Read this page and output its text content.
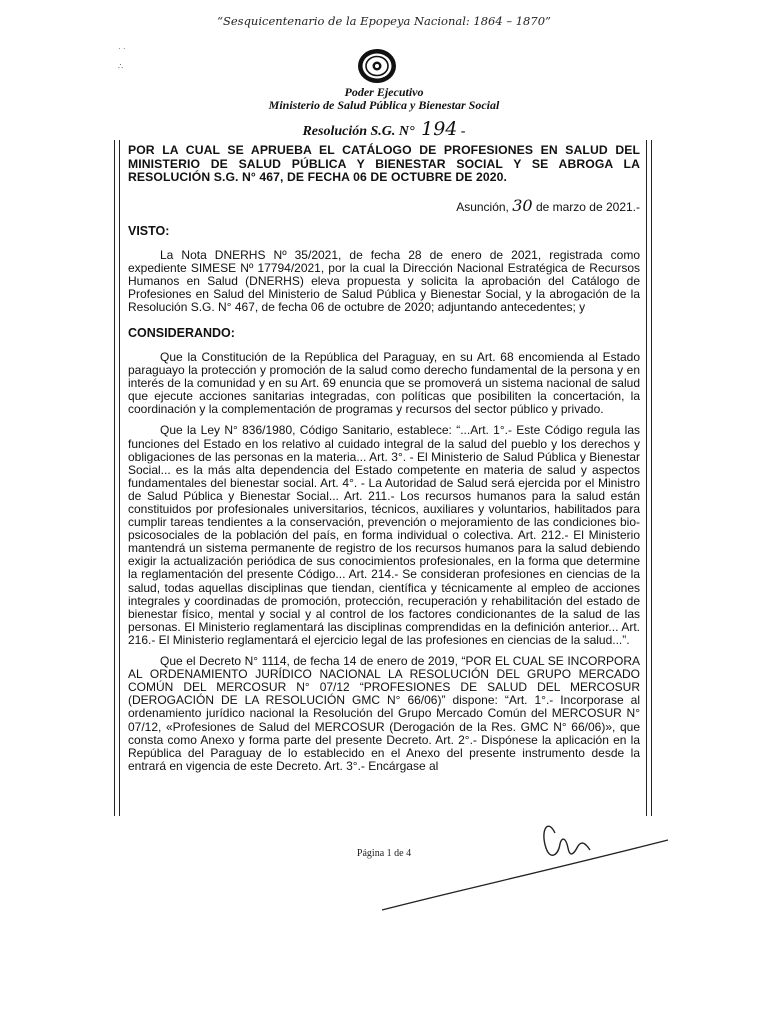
“Sesquicentenario de la Epopeya Nacional: 1864 – 1870”
· ·

∴
Poder Ejecutivo
Ministerio de Salud Pública y Bienestar Social
Resolución S.G. N° 194 -
POR LA CUAL SE APRUEBA EL CATÁLOGO DE PROFESIONES EN SALUD DEL MINISTERIO DE SALUD PÚBLICA Y BIENESTAR SOCIAL Y SE ABROGA LA RESOLUCIÓN S.G. N° 467, DE FECHA 06 DE OCTUBRE DE 2020.
Asunción, 30 de marzo de 2021.-
VISTO:

La Nota DNERHS Nº 35/2021, de fecha 28 de enero de 2021, registrada como expediente SIMESE Nº 17794/2021, por la cual la Dirección Nacional Estratégica de Recursos Humanos en Salud (DNERHS) eleva propuesta y solicita la aprobación del Catálogo de Profesiones en Salud del Ministerio de Salud Pública y Bienestar Social, y la abrogación de la Resolución S.G. N° 467, de fecha 06 de octubre de 2020; adjuntando antecedentes; y

CONSIDERANDO:

Que la Constitución de la República del Paraguay, en su Art. 68 encomienda al Estado paraguayo la protección y promoción de la salud como derecho fundamental de la persona y en interés de la comunidad y en su Art. 69 enuncia que se promoverá un sistema nacional de salud que ejecute acciones sanitarias integradas, con políticas que posibiliten la concertación, la coordinación y la complementación de programas y recursos del sector público y privado.

Que la Ley N° 836/1980, Código Sanitario, establece: “...Art. 1°.- Este Código regula las funciones del Estado en los relativo al cuidado integral de la salud del pueblo y los derechos y obligaciones de las personas en la materia... Art. 3°. - El Ministerio de Salud Pública y Bienestar Social... es la más alta dependencia del Estado competente en materia de salud y aspectos fundamentales del bienestar social. Art. 4°. - La Autoridad de Salud será ejercida por el Ministro de Salud Pública y Bienestar Social... Art. 211.- Los recursos humanos para la salud están constituidos por profesionales universitarios, técnicos, auxiliares y voluntarios, habilitados para cumplir tareas tendientes a la conservación, prevención o mejoramiento de las condiciones bio-psicosociales de la población del país, en forma individual o colectiva. Art. 212.- El Ministerio mantendrá un sistema permanente de registro de los recursos humanos para la salud debiendo exigir la actualización periódica de sus conocimientos profesionales, en la forma que determine la reglamentación del presente Código... Art. 214.- Se consideran profesiones en ciencias de la salud, todas aquellas disciplinas que tiendan, científica y técnicamente al empleo de acciones integrales y coordinadas de promoción, protección, recuperación y rehabilitación del estado de bienestar físico, mental y social y al control de los factores condicionantes de la salud de las personas. El Ministerio reglamentará las disciplinas comprendidas en la definición anterior... Art. 216.- El Ministerio reglamentará el ejercicio legal de las profesiones en ciencias de la salud...”.

Que el Decreto N° 1114, de fecha 14 de enero de 2019, “POR EL CUAL SE INCORPORA AL ORDENAMIENTO JURÍDICO NACIONAL LA RESOLUCIÓN DEL GRUPO MERCADO COMÚN DEL MERCOSUR N° 07/12 “PROFESIONES DE SALUD DEL MERCOSUR (DEROGACIÓN DE LA RESOLUCIÓN GMC N° 66/06)” dispone: “Art. 1°.- Incorporase al ordenamiento jurídico nacional la Resolución del Grupo Mercado Común del MERCOSUR N° 07/12, «Profesiones de Salud del MERCOSUR (Derogación de la Res. GMC N° 66/06)», que consta como Anexo y forma parte del presente Decreto. Art. 2°.- Dispónese la aplicación en la República del Paraguay de lo establecido en el Anexo del presente instrumento desde la entrará en vigencia de este Decreto. Art. 3°.- Encárgase al

Página 1 de 4
